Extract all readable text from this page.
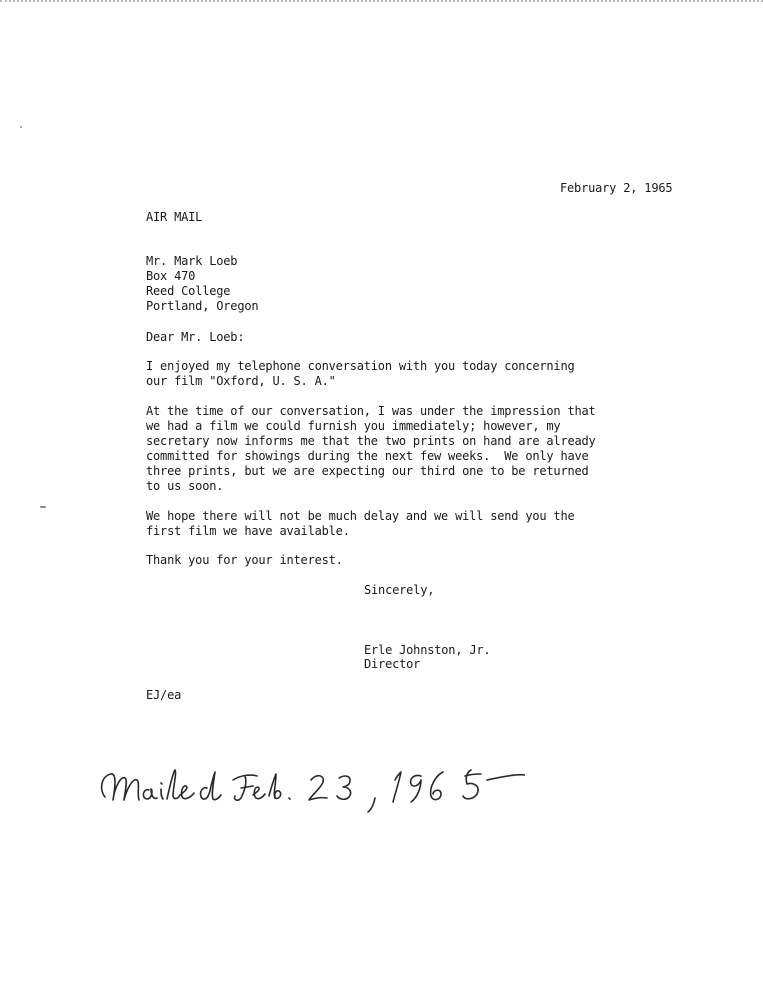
February 2, 1965
AIR MAIL
Mr. Mark Loeb
Box 470
Reed College
Portland, Oregon
Dear Mr. Loeb:
I enjoyed my telephone conversation with you today concerning
our film "Oxford, U. S. A."
At the time of our conversation, I was under the impression that
we had a film we could furnish you immediately; however, my
secretary now informs me that the two prints on hand are already
committed for showings during the next few weeks.  We only have
three prints, but we are expecting our third one to be returned
to us soon.
We hope there will not be much delay and we will send you the
first film we have available.
Thank you for your interest.
Sincerely,
Erle Johnston, Jr.
Director
EJ/ea
